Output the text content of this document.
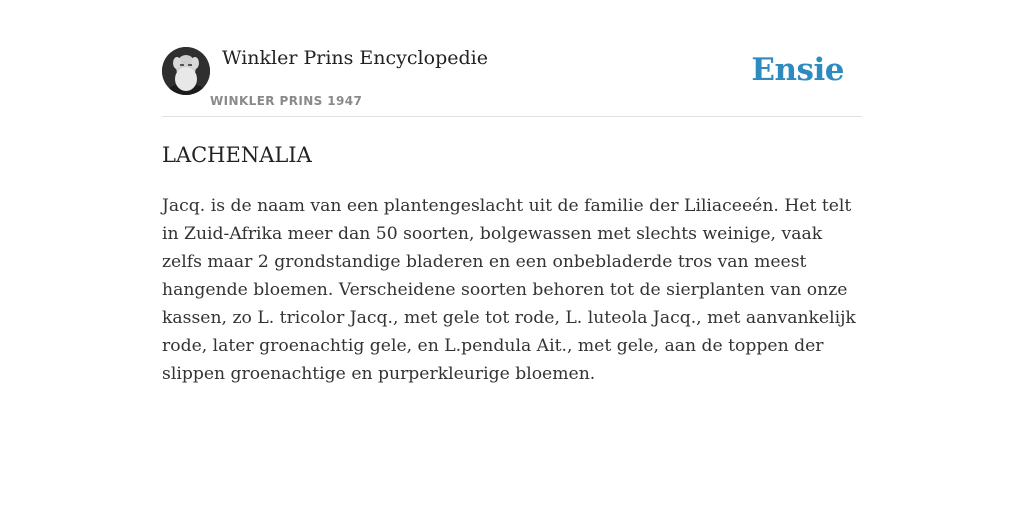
Winkler Prins Encyclopedie
WINKLER PRINS 1947
Ensie
LACHENALIA

Jacq. is de naam van een plantengeslacht uit de familie der Liliaceeén. Het telt in Zuid-Afrika meer dan 50 soorten, bolgewassen met slechts weinige, vaak zelfs maar 2 grondstandige bladeren en een onbebladerde tros van meest hangende bloemen. Verscheidene soorten behoren tot de sierplanten van onze kassen, zo L. tricolor Jacq., met gele tot rode, L. luteola Jacq., met aanvankelijk rode, later groenachtig gele, en L.pendula Ait., met gele, aan de toppen der slippen groenachtige en purperkleurige bloemen.
